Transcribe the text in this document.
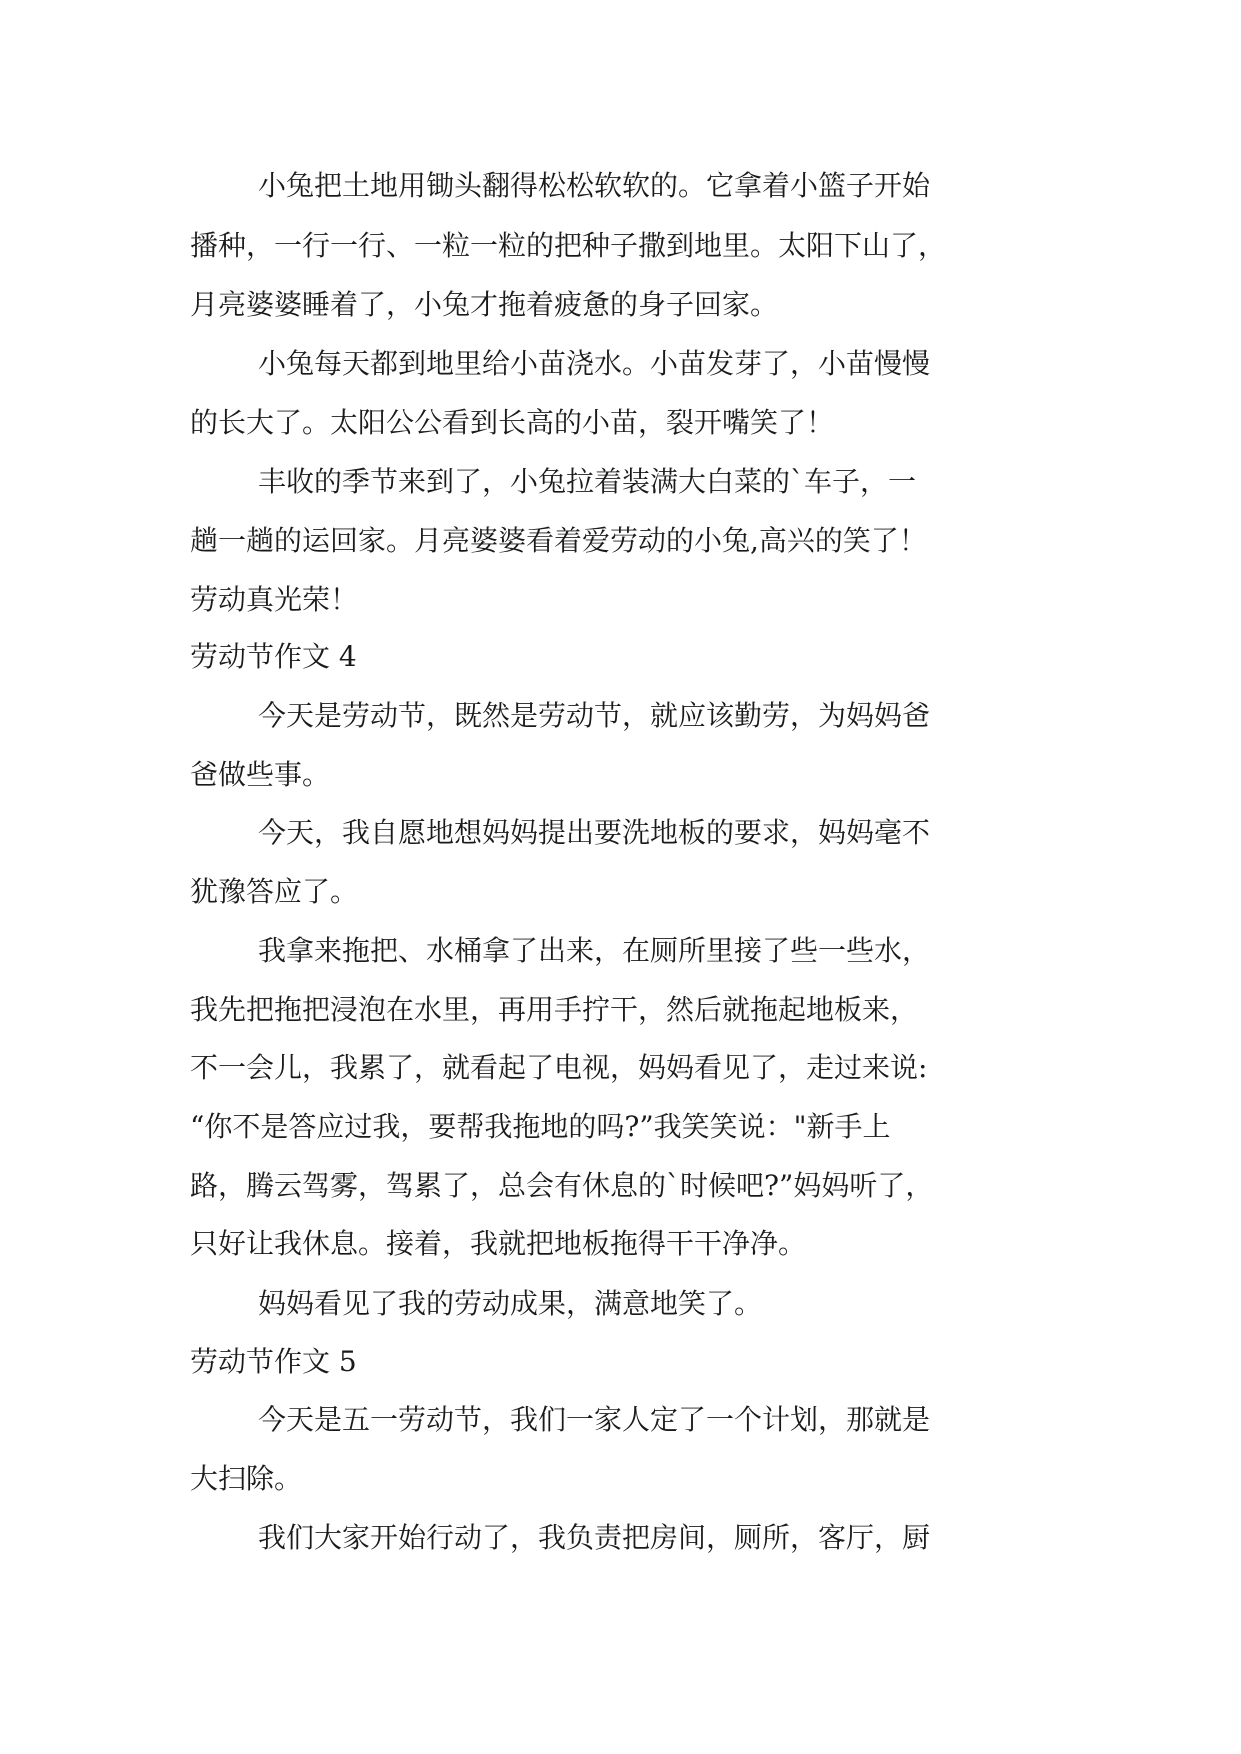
小兔把土地用锄头翻得松松软软的。它拿着小篮子开始
播种，一行一行、一粒一粒的把种子撒到地里。太阳下山了，
月亮婆婆睡着了，小兔才拖着疲惫的身子回家。
小兔每天都到地里给小苗浇水。小苗发芽了，小苗慢慢
的长大了。太阳公公看到长高的小苗，裂开嘴笑了！
丰收的季节来到了，小兔拉着装满大白菜的`车子，一
趟一趟的运回家。月亮婆婆看着爱劳动的小兔,高兴的笑了！
劳动真光荣！
劳动节作文 4
今天是劳动节，既然是劳动节，就应该勤劳，为妈妈爸
爸做些事。
今天，我自愿地想妈妈提出要洗地板的要求，妈妈毫不
犹豫答应了。
我拿来拖把、水桶拿了出来，在厕所里接了些一些水，
我先把拖把浸泡在水里，再用手拧干，然后就拖起地板来，
不一会儿，我累了，就看起了电视，妈妈看见了，走过来说:
“你不是答应过我，要帮我拖地的吗?”我笑笑说："新手上
路，腾云驾雾，驾累了，总会有休息的`时候吧?”妈妈听了，
只好让我休息。接着，我就把地板拖得干干净净。
妈妈看见了我的劳动成果，满意地笑了。
劳动节作文 5
今天是五一劳动节，我们一家人定了一个计划，那就是
大扫除。
我们大家开始行动了，我负责把房间，厕所，客厅，厨
